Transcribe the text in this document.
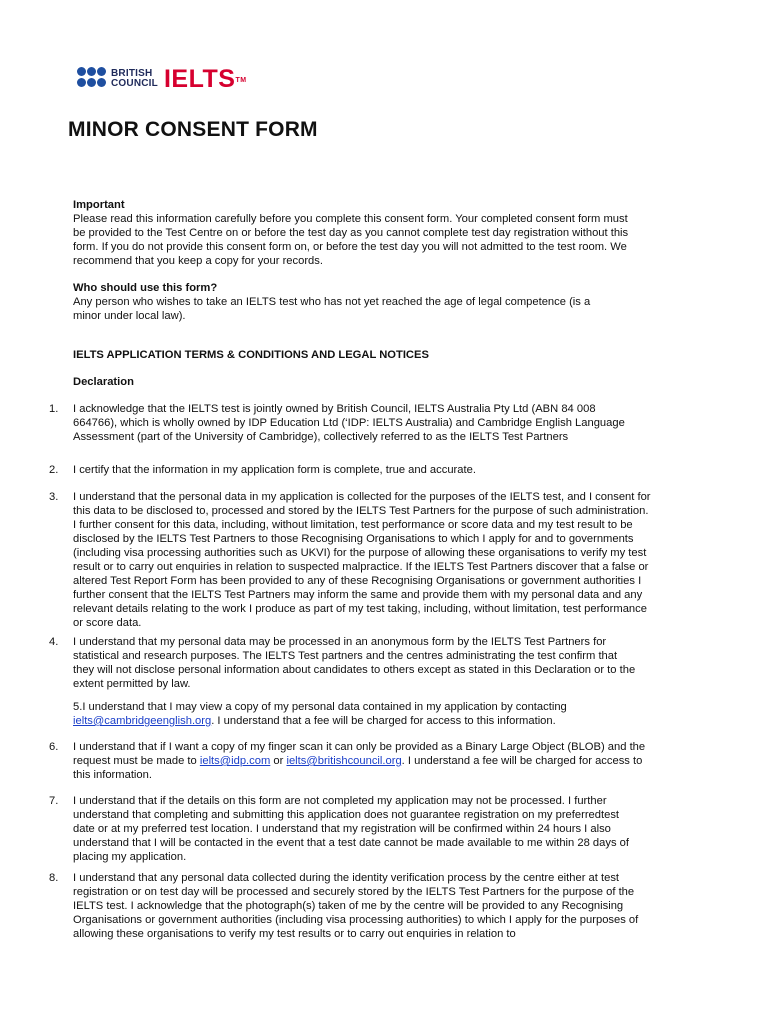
BRITISH
COUNCIL IELTS™
MINOR CONSENT FORM

Important

Please read this information carefully before you complete this consent form. Your completed consent form must be provided to the Test Centre on or before the test day as you cannot complete test day registration without this form. If you do not provide this consent form on, or before the test day you will not admitted to the test room. We recommend that you keep a copy for your records.

Who should use this form?

Any person who wishes to take an IELTS test who has not yet reached the age of legal competence (is a minor under local law).

IELTS APPLICATION TERMS & CONDITIONS AND LEGAL NOTICES

Declaration

1. I acknowledge that the IELTS test is jointly owned by British Council, IELTS Australia Pty Ltd (ABN 84 008 664766), which is wholly owned by IDP Education Ltd (‘IDP: IELTS Australia) and Cambridge English Language Assessment (part of the University of Cambridge), collectively referred to as the IELTS Test Partners

2. I certify that the information in my application form is complete, true and accurate.

3. I understand that the personal data in my application is collected for the purposes of the IELTS test, and I consent for this data to be disclosed to, processed and stored by the IELTS Test Partners for the purpose of such administration. I further consent for this data, including, without limitation, test performance or score data and my test result to be disclosed by the IELTS Test Partners to those Recognising Organisations to which I apply for and to governments (including visa processing authorities such as UKVI) for the purpose of allowing these organisations to verify my test result or to carry out enquiries in relation to suspected malpractice. If the IELTS Test Partners discover that a false or altered Test Report Form has been provided to any of these Recognising Organisations or government authorities I further consent that the IELTS Test Partners may inform the same and provide them with my personal data and any relevant details relating to the work I produce as part of my test taking, including, without limitation, test performance or score data.

4. I understand that my personal data may be processed in an anonymous form by the IELTS Test Partners for statistical and research purposes. The IELTS Test partners and the centres administrating the test confirm that they will not disclose personal information about candidates to others except as stated in this Declaration or to the extent permitted by law.

5.I understand that I may view a copy of my personal data contained in my application by contacting ielts@cambridgeenglish.org. I understand that a fee will be charged for access to this information.

6. I understand that if I want a copy of my finger scan it can only be provided as a Binary Large Object (BLOB) and the request must be made to ielts@idp.com or ielts@britishcouncil.org. I understand a fee will be charged for access to this information.

7. I understand that if the details on this form are not completed my application may not be processed. I further understand that completing and submitting this application does not guarantee registration on my preferredtest date or at my preferred test location. I understand that my registration will be confirmed within 24 hours I also understand that I will be contacted in the event that a test date cannot be made available to me within 28 days of placing my application.

8. I understand that any personal data collected during the identity verification process by the centre either at test registration or on test day will be processed and securely stored by the IELTS Test Partners for the purpose of the IELTS test. I acknowledge that the photograph(s) taken of me by the centre will be provided to any Recognising Organisations or government authorities (including visa processing authorities) to which I apply for the purposes of allowing these organisations to verify my test results or to carry out enquiries in relation to
